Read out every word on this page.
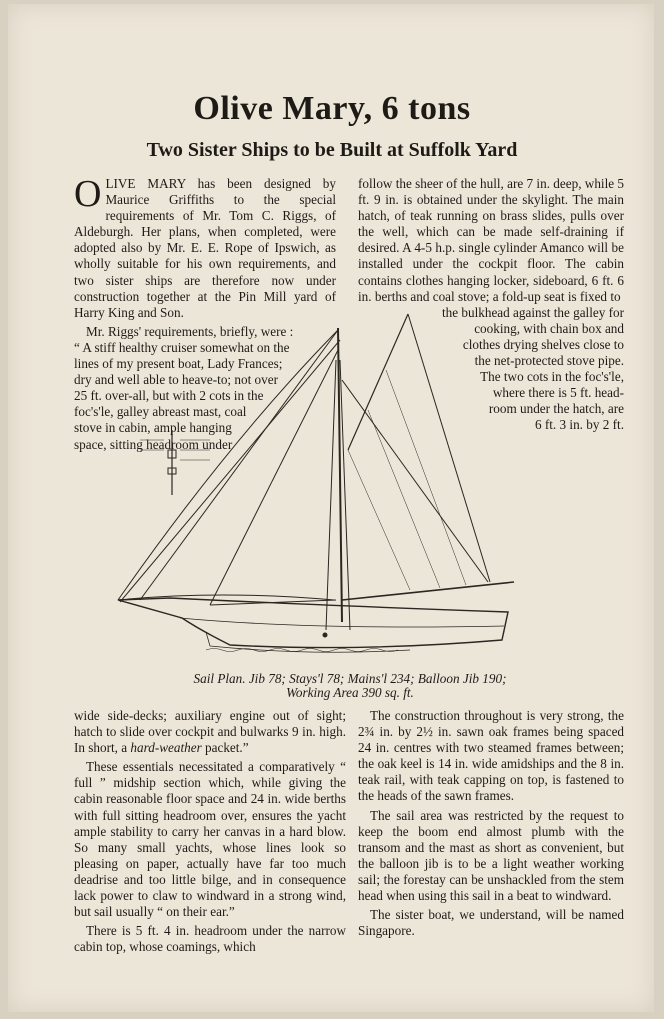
Olive Mary, 6 tons
Two Sister Ships to be Built at Suffolk Yard

OLIVE MARY has been designed by Maurice Griffiths to the special requirements of Mr. Tom C. Riggs, of Aldeburgh. Her plans, when completed, were adopted also by Mr. E. E. Rope of Ipswich, as wholly suitable for his own requirements, and two sister ships are therefore now under construction together at the Pin Mill yard of Harry King and Son.

Mr. Riggs' requirements, briefly, were :
“ A stiff healthy cruiser somewhat on the
lines of my present boat, Lady Frances;
dry and well able to heave-to; not over
25 ft. over-all, but with 2 cots in the
foc's'le, galley abreast mast, coal
stove in cabin, ample hanging
space, sitting headroom under

follow the sheer of the hull, are 7 in. deep, while 5 ft. 9 in. is obtained under the skylight. The main hatch, of teak running on brass slides, pulls over the well, which can be made self-draining if desired. A 4-5 h.p. single cylinder Amanco will be installed under the cockpit floor. The cabin contains clothes hanging locker, sideboard, 6 ft. 6 in. berths and coal stove; a fold-up seat is fixed to

the bulkhead against the galley for
cooking, with chain box and
clothes drying shelves close to
the net-protected stove pipe.
The two cots in the foc's'le,
where there is 5 ft. head-
room under the hatch, are
6 ft. 3 in. by 2 ft.
Sail Plan. Jib 78; Stays'l 78; Mains'l 234; Balloon Jib 190;
Working Area 390 sq. ft.

wide side-decks; auxiliary engine out of sight; hatch to slide over cockpit and bulwarks 9 in. high. In short, a hard-weather packet.”

These essentials necessitated a comparatively “ full ” midship section which, while giving the cabin reasonable floor space and 24 in. wide berths with full sitting headroom over, ensures the yacht ample stability to carry her canvas in a hard blow. So many small yachts, whose lines look so pleasing on paper, actually have far too much deadrise and too little bilge, and in consequence lack power to claw to windward in a strong wind, but sail usually “ on their ear.”

There is 5 ft. 4 in. headroom under the narrow cabin top, whose coamings, which

The construction throughout is very strong, the 2¾ in. by 2½ in. sawn oak frames being spaced 24 in. centres with two steamed frames between; the oak keel is 14 in. wide amidships and the 8 in. teak rail, with teak capping on top, is fastened to the heads of the sawn frames.

The sail area was restricted by the request to keep the boom end almost plumb with the transom and the mast as short as convenient, but the balloon jib is to be a light weather working sail; the forestay can be unshackled from the stem head when using this sail in a beat to windward.

The sister boat, we understand, will be named Singapore.
